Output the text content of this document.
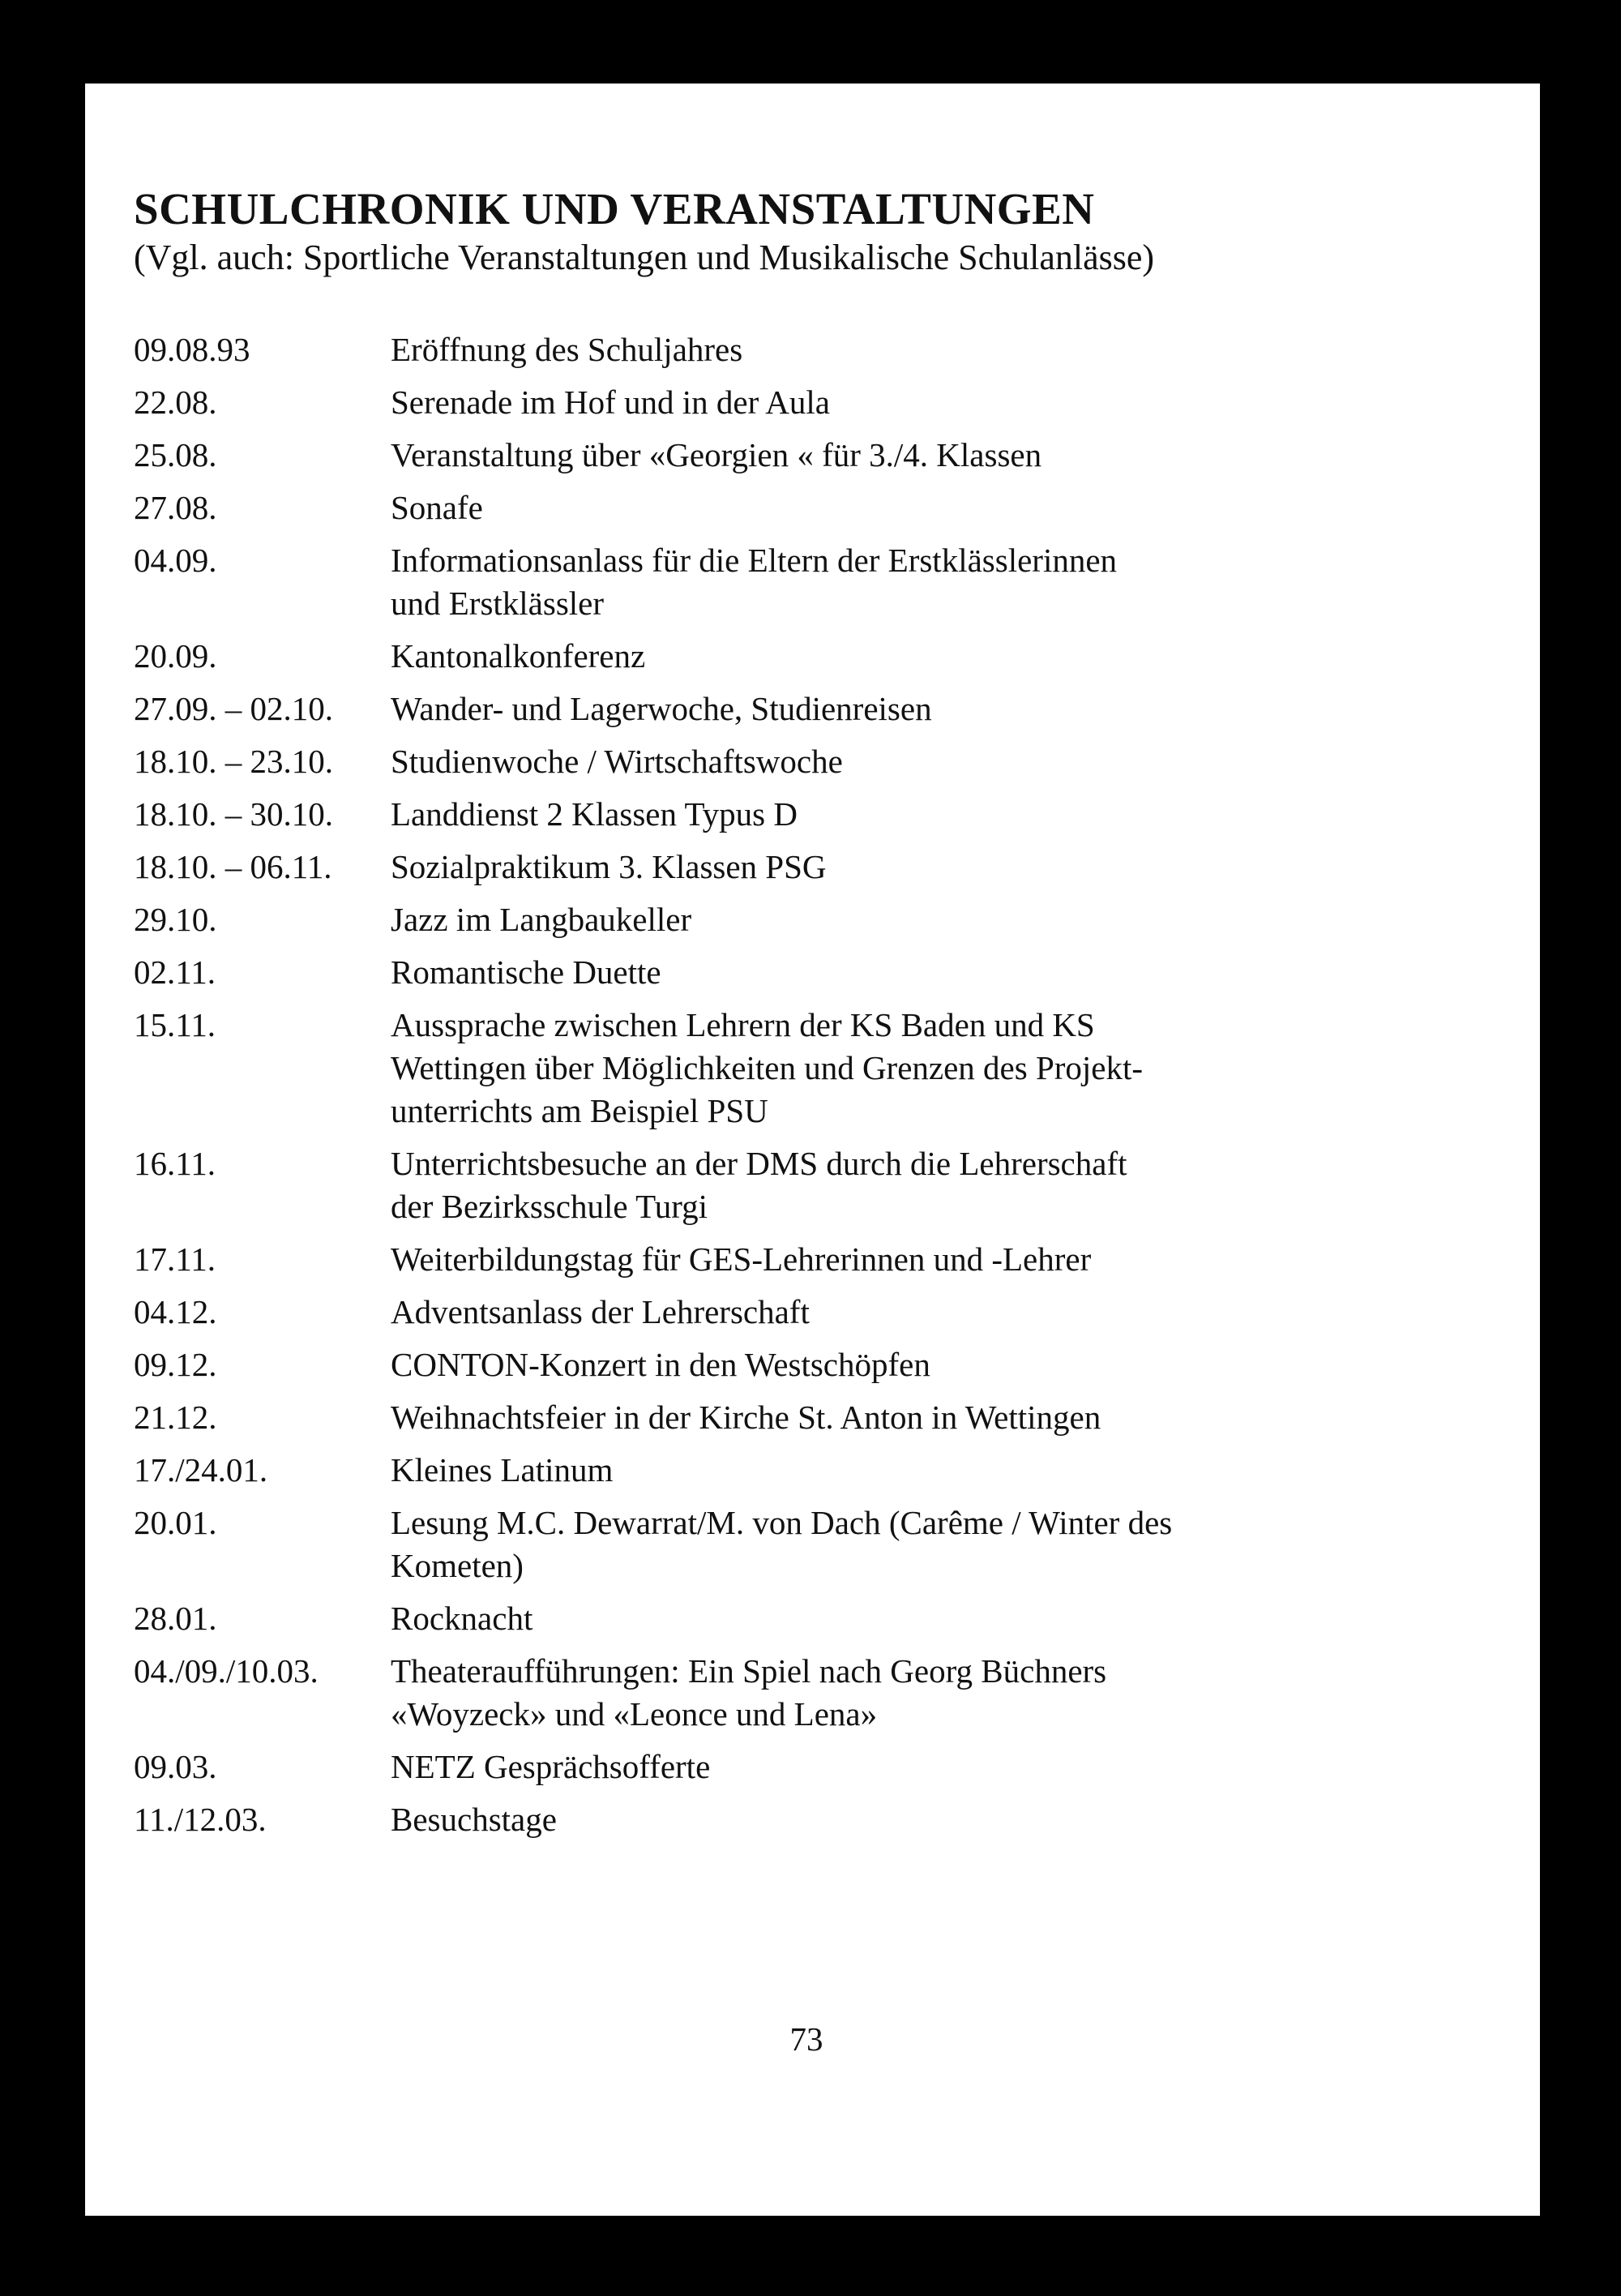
SCHULCHRONIK UND VERANSTALTUNGEN

(Vgl. auch: Sportliche Veranstaltungen und Musikalische Schulanlässe)

09.08.93	Eröffnung des Schuljahres
22.08.	Serenade im Hof und in der Aula
25.08.	Veranstaltung über «Georgien « für 3./4. Klassen
27.08.	Sonafe
04.09.	Informationsanlass für die Eltern der Erstklässlerinnen
und Erstklässler
20.09.	Kantonalkonferenz
27.09. – 02.10.	Wander- und Lagerwoche, Studienreisen
18.10. – 23.10.	Studienwoche / Wirtschaftswoche
18.10. – 30.10.	Landdienst 2 Klassen Typus D
18.10. – 06.11.	Sozialpraktikum 3. Klassen PSG
29.10.	Jazz im Langbaukeller
02.11.	Romantische Duette
15.11.	Aussprache zwischen Lehrern der KS Baden und KS
Wettingen über Möglichkeiten und Grenzen des Projekt-
unterrichts am Beispiel PSU
16.11.	Unterrichtsbesuche an der DMS durch die Lehrerschaft
der Bezirksschule Turgi
17.11.	Weiterbildungstag für GES-Lehrerinnen und -Lehrer
04.12.	Adventsanlass der Lehrerschaft
09.12.	CONTON-Konzert in den Westschöpfen
21.12.	Weihnachtsfeier in der Kirche St. Anton in Wettingen
17./24.01.	Kleines Latinum
20.01.	Lesung M.C. Dewarrat/M. von Dach (Carême / Winter des
Kometen)
28.01.	Rocknacht
04./09./10.03.	Theateraufführungen: Ein Spiel nach Georg Büchners
«Woyzeck» und «Leonce und Lena»
09.03.	NETZ Gesprächsofferte
11./12.03.	Besuchstage
73
